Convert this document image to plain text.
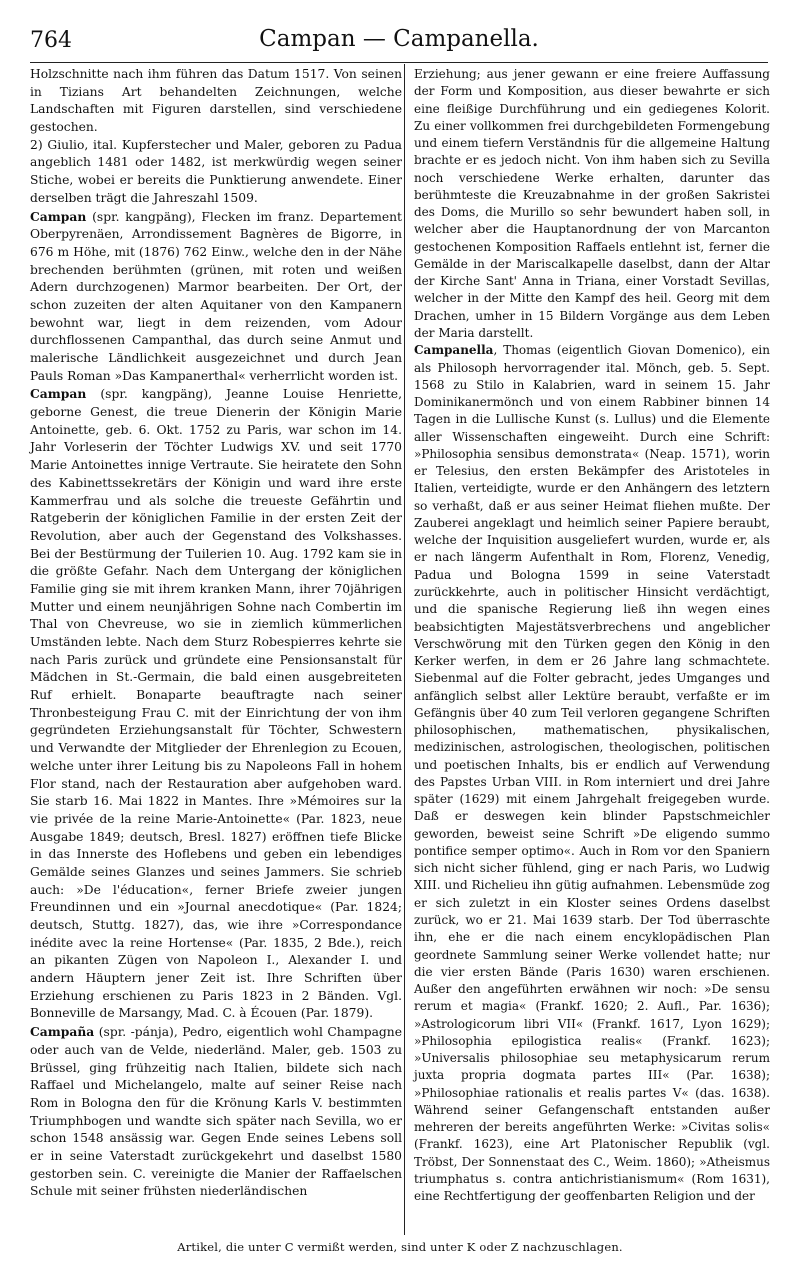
764	Campan — Campanella.

Holzschnitte nach ihm führen das Datum 1517. Von seinen in Tizians Art behandelten Zeichnungen, welche Landschaften mit Figuren darstellen, sind verschiedene gestochen.

2) Giulio, ital. Kupferstecher und Maler, geboren zu Padua angeblich 1481 oder 1482, ist merkwürdig wegen seiner Stiche, wobei er bereits die Punktierung anwendete. Einer derselben trägt die Jahreszahl 1509.

Campan (spr. kangpäng), Flecken im franz. Departement Oberpyrenäen, Arrondissement Bagnères de Bigorre, in 676 m Höhe, mit (1876) 762 Einw., welche den in der Nähe brechenden berühmten (grünen, mit roten und weißen Adern durchzogenen) Marmor bearbeiten. Der Ort, der schon zuzeiten der alten Aquitaner von den Kampanern bewohnt war, liegt in dem reizenden, vom Adour durchflossenen Campanthal, das durch seine Anmut und malerische Ländlichkeit ausgezeichnet und durch Jean Pauls Roman »Das Kampanerthal« verherrlicht worden ist.

Campan (spr. kangpäng), Jeanne Louise Henriette, geborne Genest, die treue Dienerin der Königin Marie Antoinette, geb. 6. Okt. 1752 zu Paris, war schon im 14. Jahr Vorleserin der Töchter Ludwigs XV. und seit 1770 Marie Antoinettes innige Vertraute. Sie heiratete den Sohn des Kabinettssekretärs der Königin und ward ihre erste Kammerfrau und als solche die treueste Gefährtin und Ratgeberin der königlichen Familie in der ersten Zeit der Revolution, aber auch der Gegenstand des Volkshasses. Bei der Bestürmung der Tuilerien 10. Aug. 1792 kam sie in die größte Gefahr. Nach dem Untergang der königlichen Familie ging sie mit ihrem kranken Mann, ihrer 70jährigen Mutter und einem neunjährigen Sohne nach Combertin im Thal von Chevreuse, wo sie in ziemlich kümmerlichen Umständen lebte. Nach dem Sturz Robespierres kehrte sie nach Paris zurück und gründete eine Pensionsanstalt für Mädchen in St.-Germain, die bald einen ausgebreiteten Ruf erhielt. Bonaparte beauftragte nach seiner Thronbesteigung Frau C. mit der Einrichtung der von ihm gegründeten Erziehungsanstalt für Töchter, Schwestern und Verwandte der Mitglieder der Ehrenlegion zu Ecouen, welche unter ihrer Leitung bis zu Napoleons Fall in hohem Flor stand, nach der Restauration aber aufgehoben ward. Sie starb 16. Mai 1822 in Mantes. Ihre »Mémoires sur la vie privée de la reine Marie-Antoinette« (Par. 1823, neue Ausgabe 1849; deutsch, Bresl. 1827) eröffnen tiefe Blicke in das Innerste des Hoflebens und geben ein lebendiges Gemälde seines Glanzes und seines Jammers. Sie schrieb auch: »De l'éducation«, ferner Briefe zweier jungen Freundinnen und ein »Journal anecdotique« (Par. 1824; deutsch, Stuttg. 1827), das, wie ihre »Correspondance inédite avec la reine Hortense« (Par. 1835, 2 Bde.), reich an pikanten Zügen von Napoleon I., Alexander I. und andern Häuptern jener Zeit ist. Ihre Schriften über Erziehung erschienen zu Paris 1823 in 2 Bänden. Vgl. Bonneville de Marsangy, Mad. C. à Écouen (Par. 1879).

Campaña (spr. -pánja), Pedro, eigentlich wohl Champagne oder auch van de Velde, niederländ. Maler, geb. 1503 zu Brüssel, ging frühzeitig nach Italien, bildete sich nach Raffael und Michelangelo, malte auf seiner Reise nach Rom in Bologna den für die Krönung Karls V. bestimmten Triumphbogen und wandte sich später nach Sevilla, wo er schon 1548 ansässig war. Gegen Ende seines Lebens soll er in seine Vaterstadt zurückgekehrt und daselbst 1580 gestorben sein. C. vereinigte die Manier der Raffaelschen Schule mit seiner frühsten niederländischen

Erziehung; aus jener gewann er eine freiere Auffassung der Form und Komposition, aus dieser bewahrte er sich eine fleißige Durchführung und ein gediegenes Kolorit. Zu einer vollkommen frei durchgebildeten Formengebung und einem tiefern Verständnis für die allgemeine Haltung brachte er es jedoch nicht. Von ihm haben sich zu Sevilla noch verschiedene Werke erhalten, darunter das berühmteste die Kreuzabnahme in der großen Sakristei des Doms, die Murillo so sehr bewundert haben soll, in welcher aber die Hauptanordnung der von Marcanton gestochenen Komposition Raffaels entlehnt ist, ferner die Gemälde in der Mariscalkapelle daselbst, dann der Altar der Kirche Sant' Anna in Triana, einer Vorstadt Sevillas, welcher in der Mitte den Kampf des heil. Georg mit dem Drachen, umher in 15 Bildern Vorgänge aus dem Leben der Maria darstellt.

Campanella, Thomas (eigentlich Giovan Domenico), ein als Philosoph hervorragender ital. Mönch, geb. 5. Sept. 1568 zu Stilo in Kalabrien, ward in seinem 15. Jahr Dominikanermönch und von einem Rabbiner binnen 14 Tagen in die Lullische Kunst (s. Lullus) und die Elemente aller Wissenschaften eingeweiht. Durch eine Schrift: »Philosophia sensibus demonstrata« (Neap. 1571), worin er Telesius, den ersten Bekämpfer des Aristoteles in Italien, verteidigte, wurde er den Anhängern des letztern so verhaßt, daß er aus seiner Heimat fliehen mußte. Der Zauberei angeklagt und heimlich seiner Papiere beraubt, welche der Inquisition ausgeliefert wurden, wurde er, als er nach längerm Aufenthalt in Rom, Florenz, Venedig, Padua und Bologna 1599 in seine Vaterstadt zurückkehrte, auch in politischer Hinsicht verdächtigt, und die spanische Regierung ließ ihn wegen eines beabsichtigten Majestätsverbrechens und angeblicher Verschwörung mit den Türken gegen den König in den Kerker werfen, in dem er 26 Jahre lang schmachtete. Siebenmal auf die Folter gebracht, jedes Umganges und anfänglich selbst aller Lektüre beraubt, verfaßte er im Gefängnis über 40 zum Teil verloren gegangene Schriften philosophischen, mathematischen, physikalischen, medizinischen, astrologischen, theologischen, politischen und poetischen Inhalts, bis er endlich auf Verwendung des Papstes Urban VIII. in Rom interniert und drei Jahre später (1629) mit einem Jahrgehalt freigegeben wurde. Daß er deswegen kein blinder Papstschmeichler geworden, beweist seine Schrift »De eligendo summo pontifice semper optimo«. Auch in Rom vor den Spaniern sich nicht sicher fühlend, ging er nach Paris, wo Ludwig XIII. und Richelieu ihn gütig aufnahmen. Lebensmüde zog er sich zuletzt in ein Kloster seines Ordens daselbst zurück, wo er 21. Mai 1639 starb. Der Tod überraschte ihn, ehe er die nach einem encyklopädischen Plan geordnete Sammlung seiner Werke vollendet hatte; nur die vier ersten Bände (Paris 1630) waren erschienen. Außer den angeführten erwähnen wir noch: »De sensu rerum et magia« (Frankf. 1620; 2. Aufl., Par. 1636); »Astrologicorum libri VII« (Frankf. 1617, Lyon 1629); »Philosophia epilogistica realis« (Frankf. 1623); »Universalis philosophiae seu metaphysicarum rerum juxta propria dogmata partes III« (Par. 1638); »Philosophiae rationalis et realis partes V« (das. 1638). Während seiner Gefangenschaft entstanden außer mehreren der bereits angeführten Werke: »Civitas solis« (Frankf. 1623), eine Art Platonischer Republik (vgl. Tröbst, Der Sonnenstaat des C., Weim. 1860); »Atheismus triumphatus s. contra antichristianismum« (Rom 1631), eine Rechtfertigung der geoffenbarten Religion und der

Artikel, die unter C vermißt werden, sind unter K oder Z nachzuschlagen.
